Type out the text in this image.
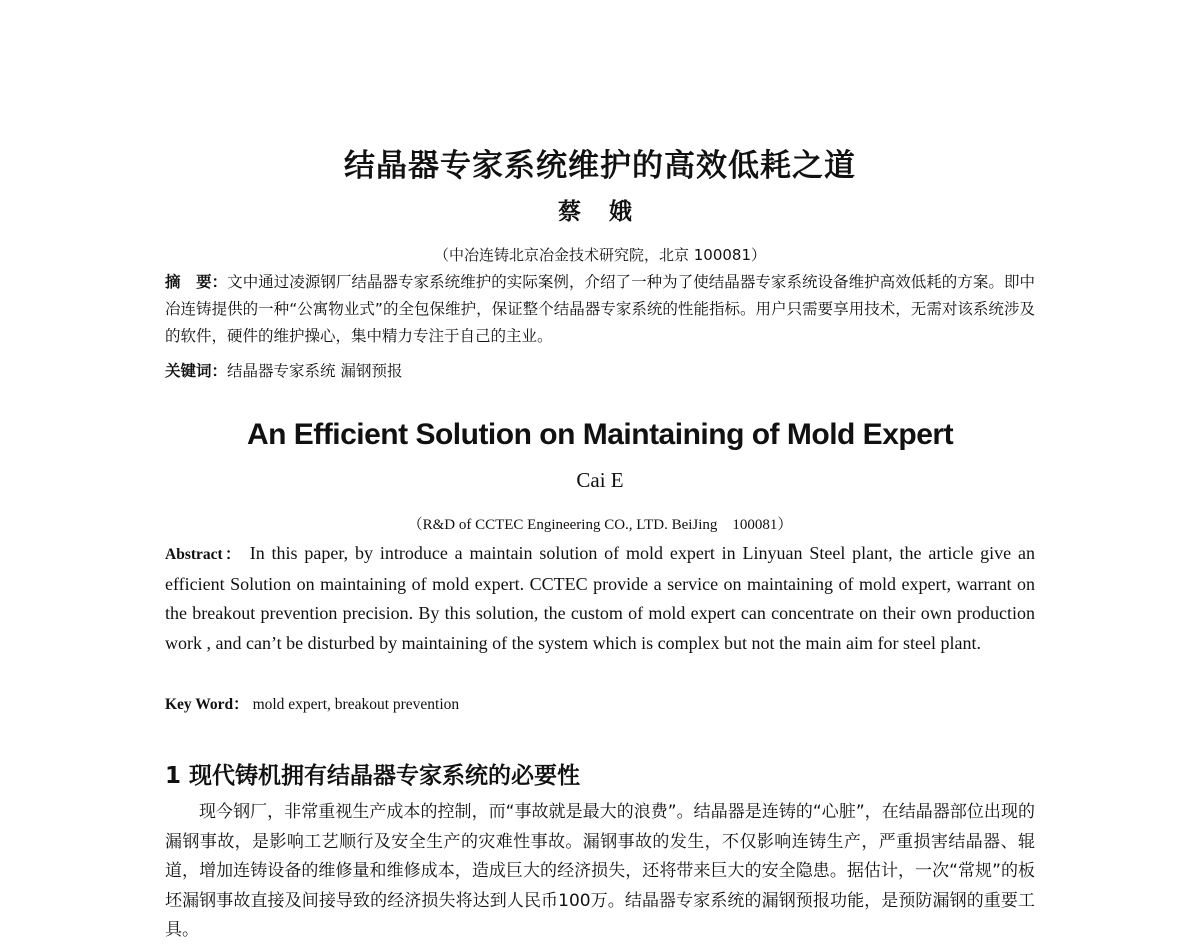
结晶器专家系统维护的高效低耗之道
蔡 娥
（中冶连铸北京冶金技术研究院，北京 100081）
摘　要：文中通过凌源钢厂结晶器专家系统维护的实际案例，介绍了一种为了使结晶器专家系统设备维护高效低耗的方案。即中冶连铸提供的一种“公寓物业式”的全包保维护，保证整个结晶器专家系统的性能指标。用户只需要享用技术，无需对该系统涉及的软件，硬件的维护操心，集中精力专注于自己的主业。
关键词：结晶器专家系统 漏钢预报
An Efficient Solution on Maintaining of Mold Expert
Cai E
（R&D of CCTEC Engineering CO., LTD. BeiJing　100081）
Abstract： In this paper, by introduce a maintain solution of mold expert in Linyuan Steel plant, the article give an efficient Solution on maintaining of mold expert. CCTEC provide a service on maintaining of mold expert, warrant on the breakout prevention precision. By this solution, the custom of mold expert can concentrate on their own production work , and can’t be disturbed by maintaining of the system which is complex but not the main aim for steel plant.
Key Word： mold expert, breakout prevention
1 现代铸机拥有结晶器专家系统的必要性
现今钢厂，非常重视生产成本的控制，而“事故就是最大的浪费”。结晶器是连铸的“心脏”，在结晶器部位出现的漏钢事故，是影响工艺顺行及安全生产的灾难性事故。漏钢事故的发生，不仅影响连铸生产，严重损害结晶器、辊道，增加连铸设备的维修量和维修成本，造成巨大的经济损失，还将带来巨大的安全隐患。据估计，一次“常规”的板坯漏钢事故直接及间接导致的经济损失将达到人民币100万。结晶器专家系统的漏钢预报功能，是预防漏钢的重要工具。
